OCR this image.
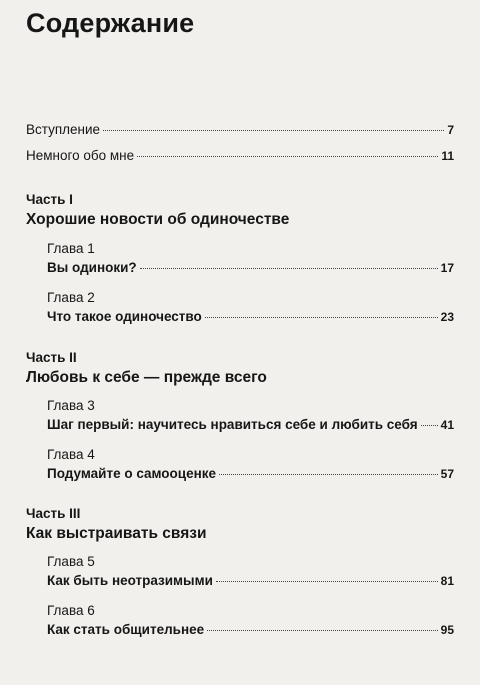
Содержание
Вступление	7
Немного обо мне	11
Часть I
Хорошие новости об одиночестве
Глава 1
Вы одиноки?	17
Глава 2
Что такое одиночество	23
Часть II
Любовь к себе — прежде всего
Глава 3
Шаг первый: научитесь нравиться себе и любить себя 41
Глава 4
Подумайте о самооценке	57
Часть III
Как выстраивать связи
Глава 5
Как быть неотразимыми	81
Глава 6
Как стать общительнее	95
